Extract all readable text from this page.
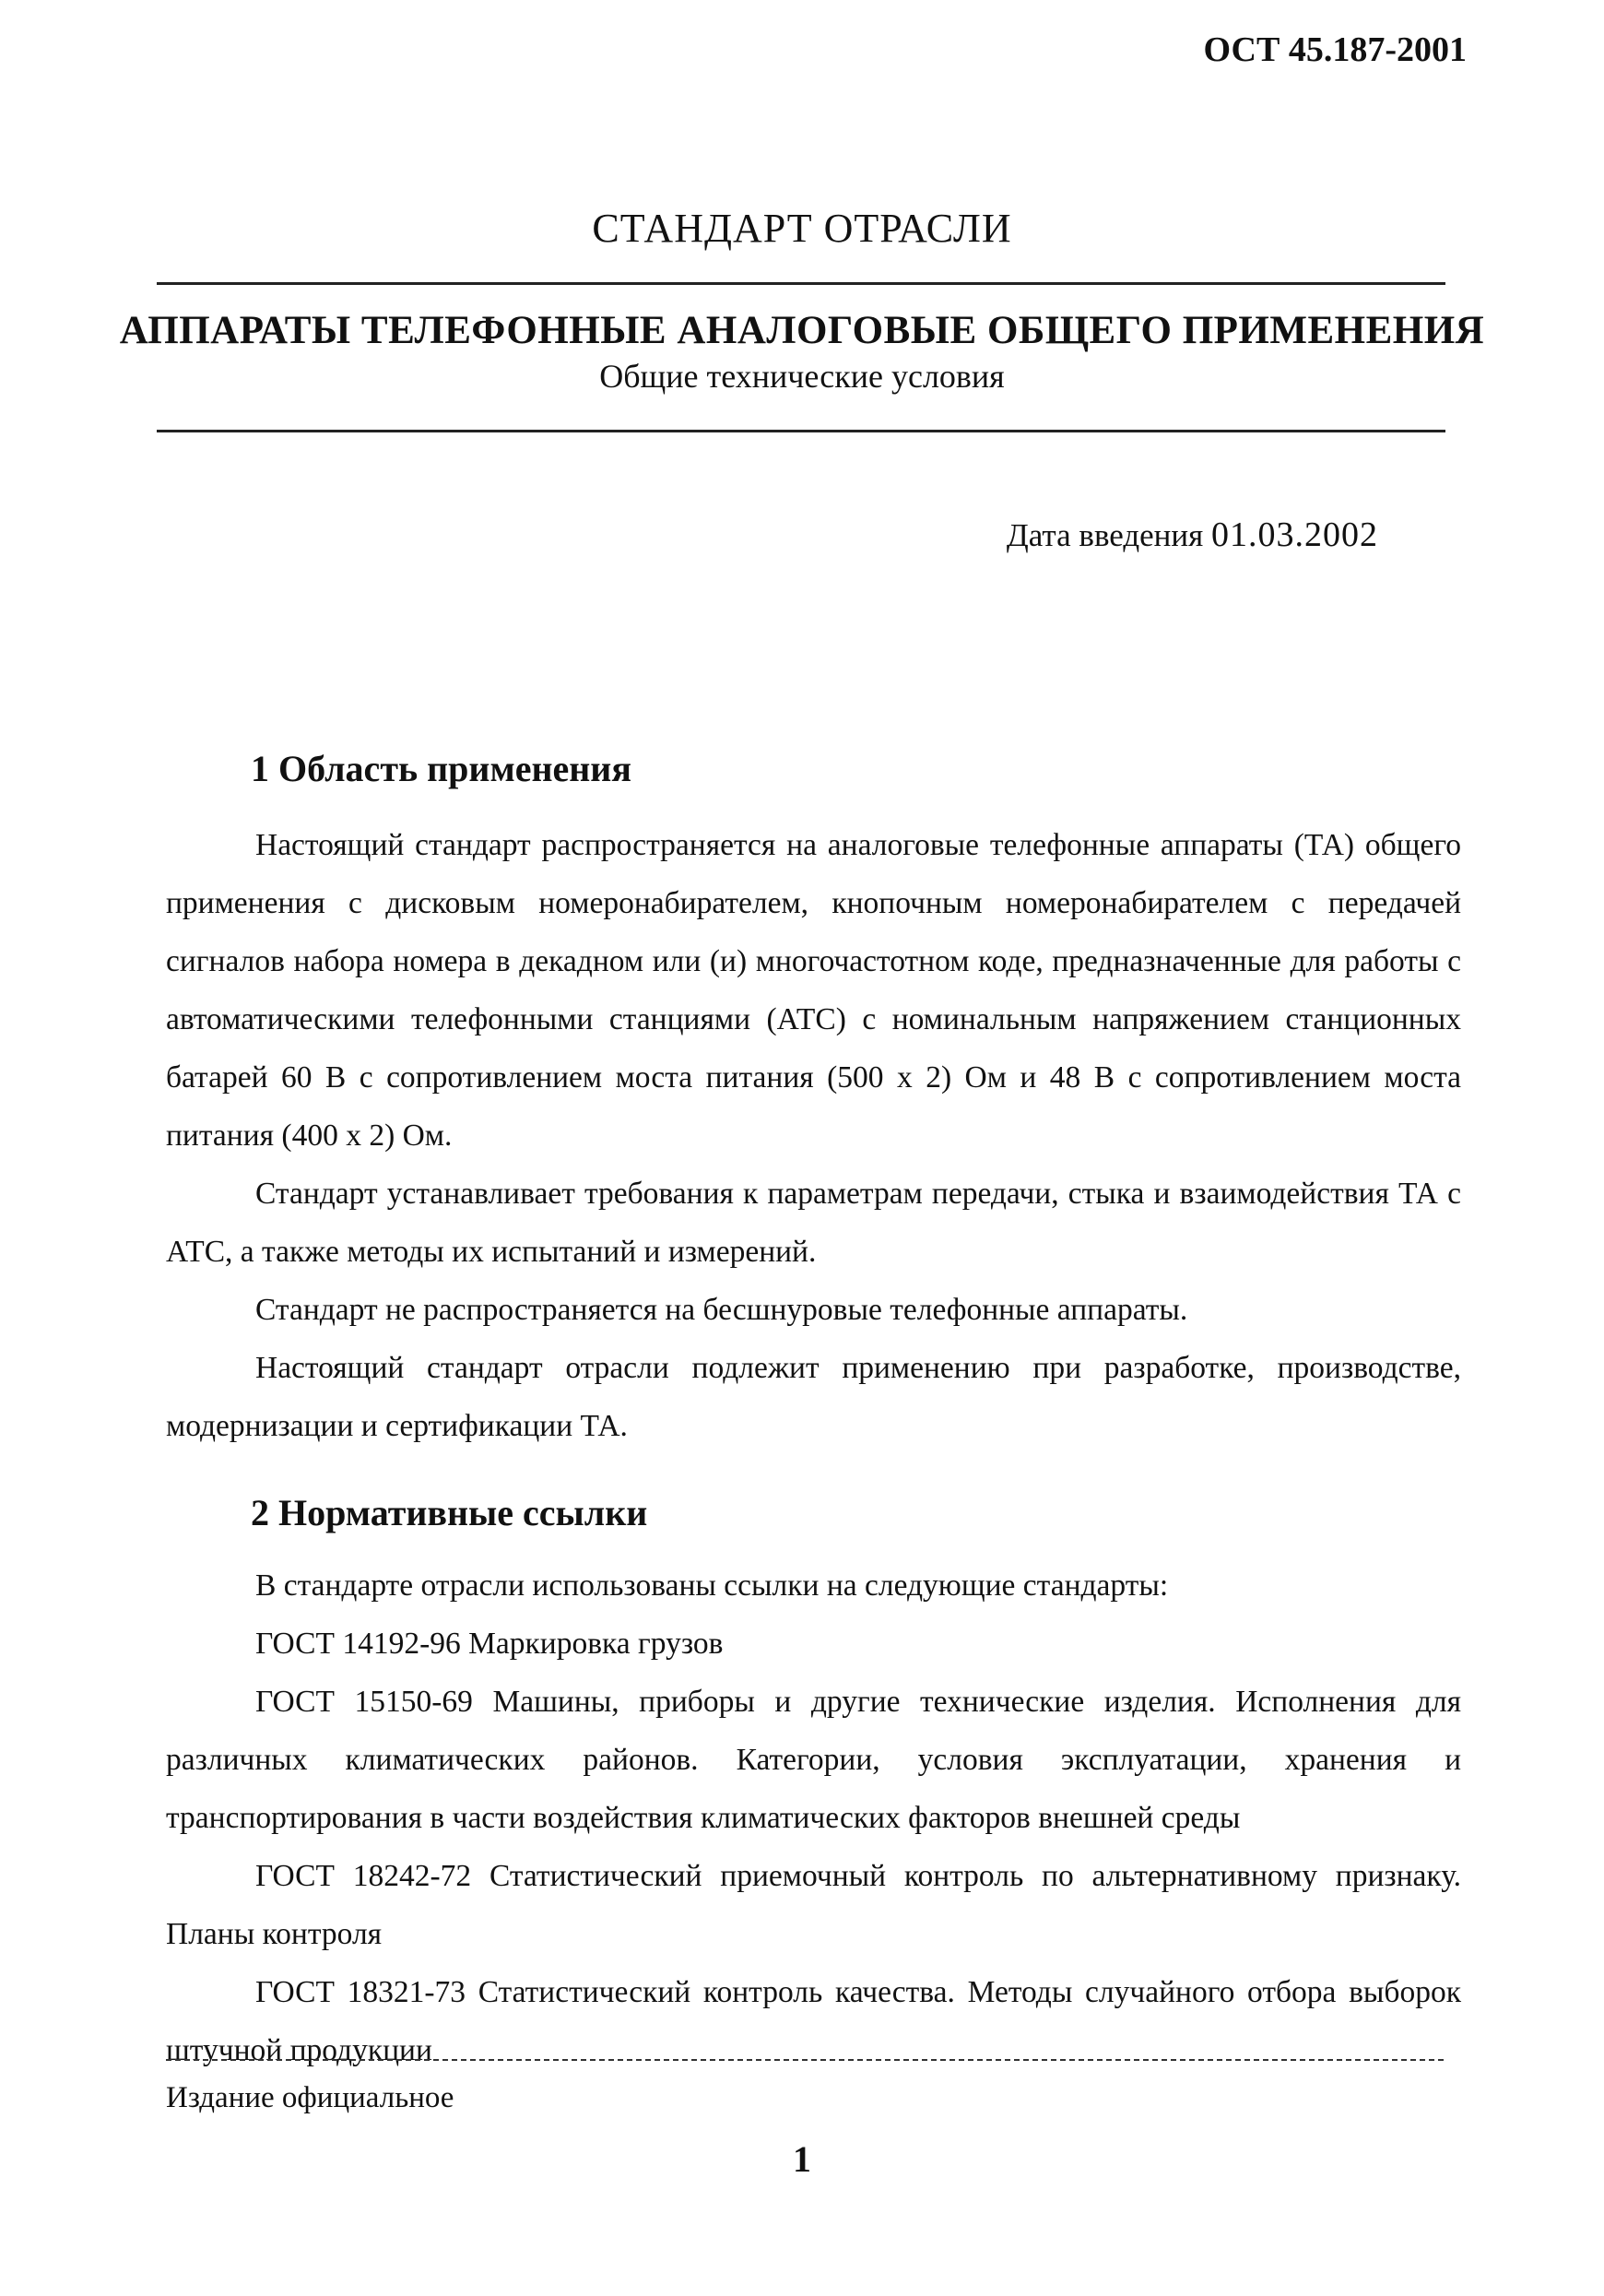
ОСТ 45.187-2001
СТАНДАРТ ОТРАСЛИ
АППАРАТЫ ТЕЛЕФОННЫЕ АНАЛОГОВЫЕ ОБЩЕГО ПРИМЕНЕНИЯ
Общие технические условия
Дата введения 01.03.2002
1 Область применения

Настоящий стандарт распространяется на аналоговые телефонные аппараты (ТА) общего применения с дисковым номеронабирателем, кнопочным номеронабирателем с передачей сигналов набора номера в декадном или (и) многочастотном коде, предназначенные для работы с автоматическими телефонными станциями (АТС) с номинальным напряжением станционных батарей 60 В с сопротивлением моста питания (500 х 2) Ом и 48 В с сопротивлением моста питания (400 х 2) Ом.

Стандарт устанавливает требования к параметрам передачи, стыка и взаимодействия ТА с АТС, а также методы их испытаний и измерений.

Стандарт не распространяется на бесшнуровые телефонные аппараты.

Настоящий стандарт отрасли подлежит применению при разработке, производстве, модернизации и сертификации ТА.

2 Нормативные ссылки

В стандарте отрасли использованы ссылки на следующие стандарты:

ГОСТ 14192-96 Маркировка грузов

ГОСТ 15150-69 Машины, приборы и другие технические изделия. Исполнения для различных климатических районов. Категории, условия эксплуатации, хранения и транспортирования в части воздействия климатических факторов внешней среды

ГОСТ 18242-72 Статистический приемочный контроль по альтернативному признаку. Планы контроля

ГОСТ 18321-73 Статистический контроль качества. Методы случайного отбора выборок штучной продукции

Издание официальное
1
